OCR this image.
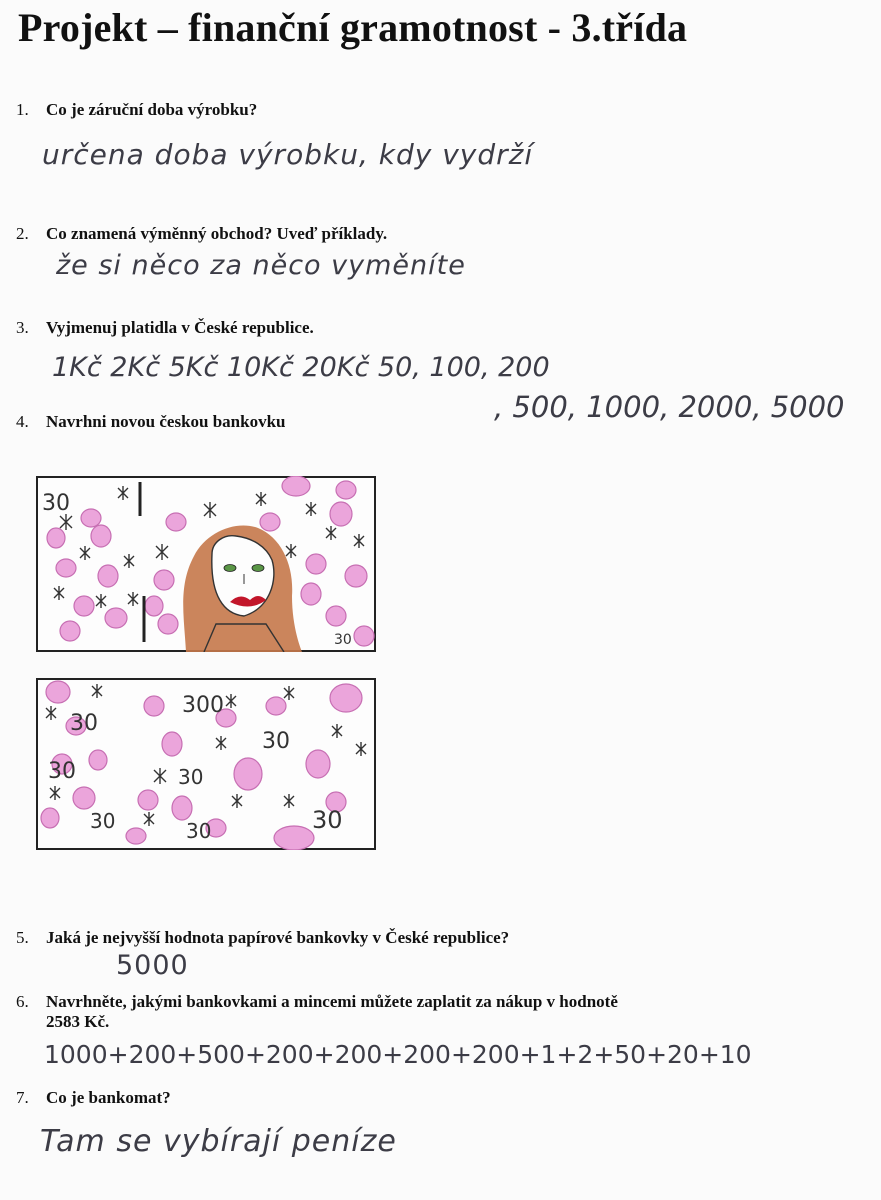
Projekt – finanční gramotnost - 3.třída

1. Co je záruční doba výrobku?
určena doba výrobku, kdy vydrží
2. Co znamená výměnný obchod? Uveď příklady.
že si něco za něco vyměníte
3. Vyjmenuj platidla v České republice.
1Kč 2Kč 5Kč 10Kč 20Kč 50, 100, 200
, 500, 1000, 2000, 5000
4. Navrhni novou českou bankovku
30
30
30
300
30
30	30
30	30	30
5. Jaká je nejvyšší hodnota papírové bankovky v České republice?
5000
6. Navrhněte, jakými bankovkami a mincemi můžete zaplatit za nákup v hodnotě
2583 Kč.
1000+200+500+200+200+200+200+1+2+50+20+10
7. Co je bankomat?
Tam se vybírají peníze
